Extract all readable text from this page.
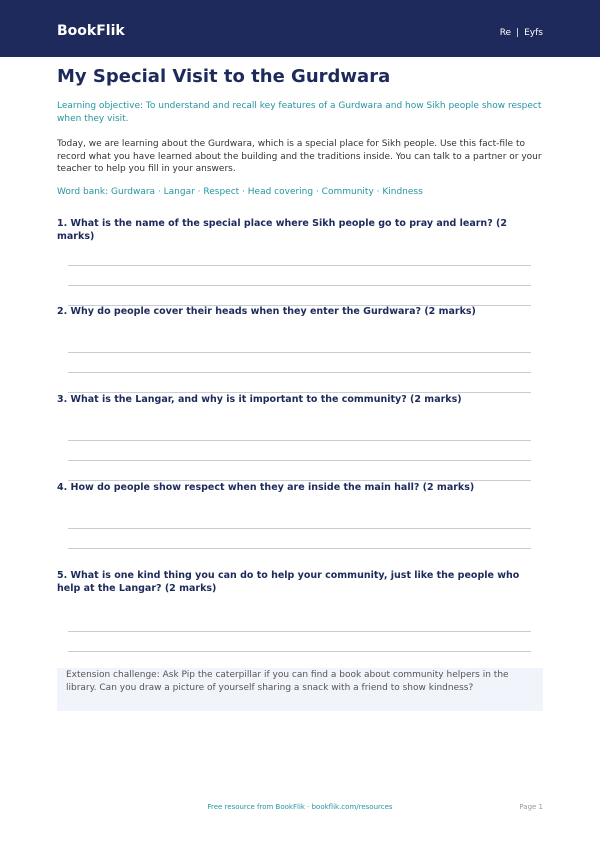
BookFlik	Re | Eyfs
My Special Visit to the Gurdwara

Learning objective: To understand and recall key features of a Gurdwara and how Sikh people show respect when they visit.

Today, we are learning about the Gurdwara, which is a special place for Sikh people. Use this fact-file to record what you have learned about the building and the traditions inside. You can talk to a partner or your teacher to help you fill in your answers.

Word bank: Gurdwara · Langar · Respect · Head covering · Community · Kindness

1. What is the name of the special place where Sikh people go to pray and learn? (2 marks)

2. Why do people cover their heads when they enter the Gurdwara? (2 marks)

3. What is the Langar, and why is it important to the community? (2 marks)

4. How do people show respect when they are inside the main hall? (2 marks)

5. What is one kind thing you can do to help your community, just like the people who help at the Langar? (2 marks)

Extension challenge: Ask Pip the caterpillar if you can find a book about community helpers in the library. Can you draw a picture of yourself sharing a snack with a friend to show kindness?

Free resource from BookFlik · bookflik.com/resources	Page 1
